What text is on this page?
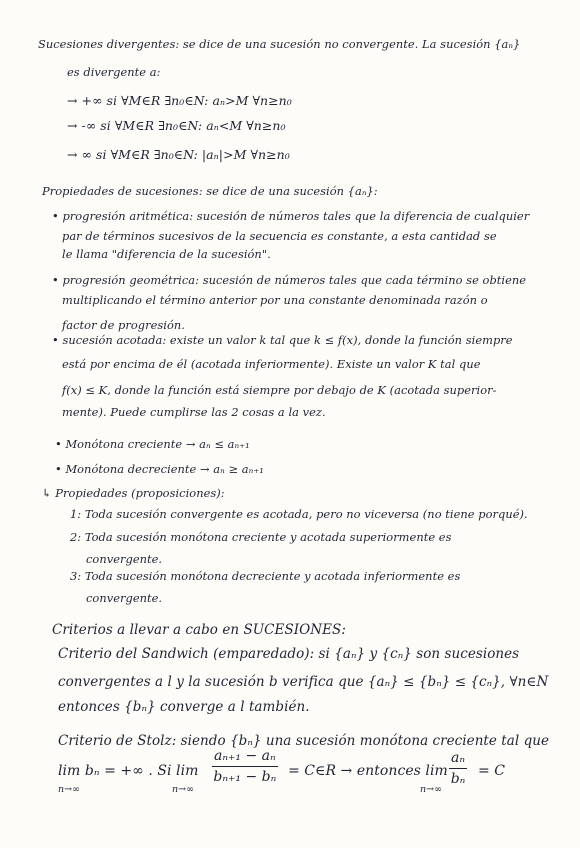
Sucesiones divergentes: se dice de una sucesión no convergente. La sucesión {aₙ}
es divergente a:
→ +∞ si ∀M∈R ∃n₀∈N: aₙ>M ∀n≥n₀
→ -∞ si ∀M∈R ∃n₀∈N: aₙ<M ∀n≥n₀
→ ∞ si ∀M∈R ∃n₀∈N: |aₙ|>M ∀n≥n₀
Propiedades de sucesiones: se dice de una sucesión {aₙ}:
• progresión aritmética: sucesión de números tales que la diferencia de cualquier
par de términos sucesivos de la secuencia es constante, a esta cantidad se
le llama "diferencia de la sucesión".
• progresión geométrica: sucesión de números tales que cada término se obtiene
multiplicando el término anterior por una constante denominada razón o
factor de progresión.
• sucesión acotada: existe un valor k tal que k ≤ f(x), donde la función siempre
está por encima de él (acotada inferiormente). Existe un valor K tal que
f(x) ≤ K, donde la función está siempre por debajo de K (acotada superior-
mente). Puede cumplirse las 2 cosas a la vez.
• Monótona creciente → aₙ ≤ aₙ₊₁
• Monótona decreciente → aₙ ≥ aₙ₊₁
↳ Propiedades (proposiciones):
1: Toda sucesión convergente es acotada, pero no viceversa (no tiene porqué).
2: Toda sucesión monótona creciente y acotada superiormente es
convergente.
3: Toda sucesión monótona decreciente y acotada inferiormente es
convergente.
Criterios a llevar a cabo en SUCESIONES:
Criterio del Sandwich (emparedado): si {aₙ} y {cₙ} son sucesiones
convergentes a l y la sucesión b verifica que {aₙ} ≤ {bₙ} ≤ {cₙ}, ∀n∈N
entonces {bₙ} converge a l también.
Criterio de Stolz: siendo {bₙ} una sucesión monótona creciente tal que
lim bₙ = +∞ . Si lim
n→∞	n→∞
$\frac{\text{aₙ₊₁ − aₙ}}{\text{bₙ₊₁ − bₙ}}$ = C∈R → entonces lim
n→∞
$\frac{\text{aₙ}}{\text{bₙ}} = C$
